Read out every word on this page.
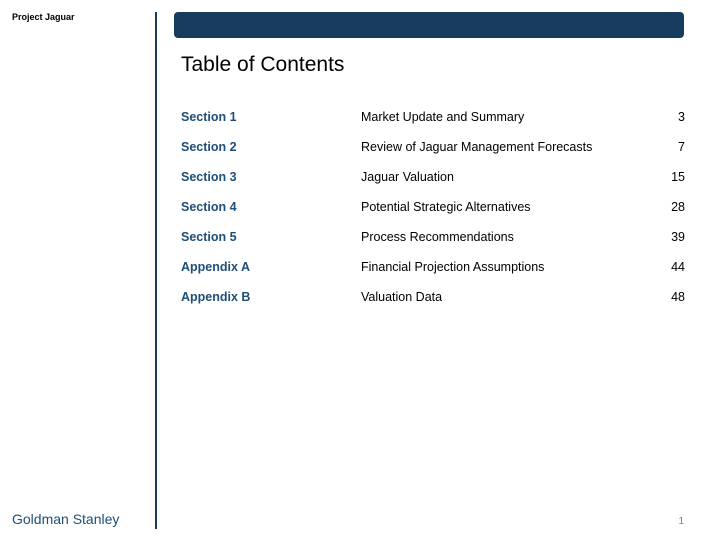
Project Jaguar
Table of Contents
Section 1	Market Update and Summary	3
Section 2	Review of Jaguar Management Forecasts	7
Section 3	Jaguar Valuation	15
Section 4	Potential Strategic Alternatives	28
Section 5	Process Recommendations	39
Appendix A	Financial Projection Assumptions	44
Appendix B	Valuation Data	48
Goldman Stanley	1
